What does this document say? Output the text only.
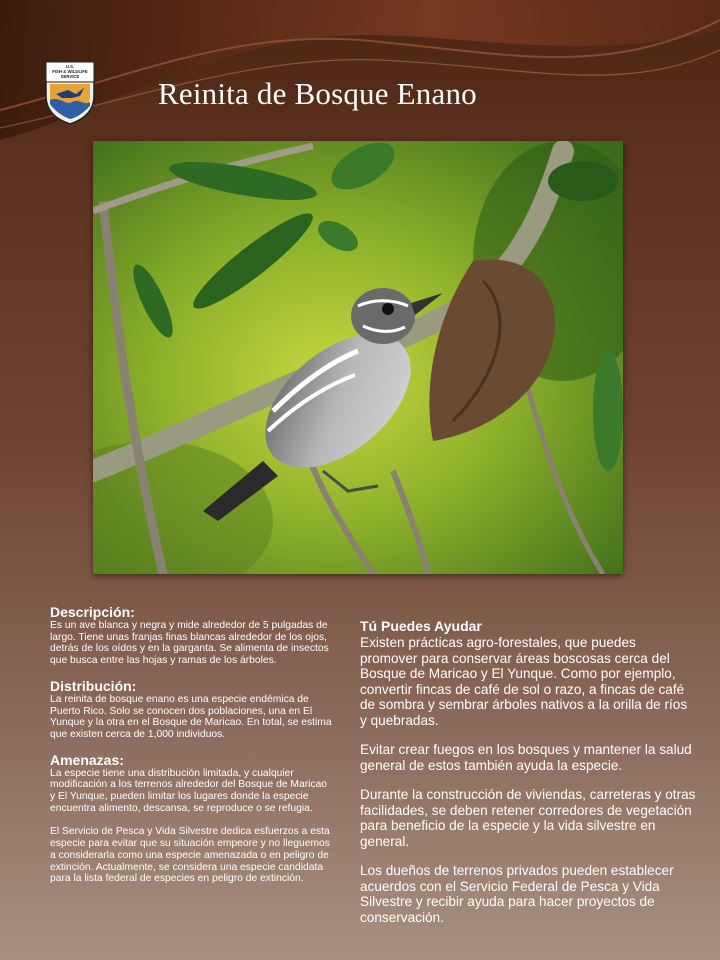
U.S.
FISH & WILDLIFE
SERVICE	Reinita de Bosque Enano
Descripción:

Es un ave blanca y negra y mide alrededor de 5 pulgadas de largo. Tiene unas franjas finas blancas alrededor de los ojos, detrás de los oídos y en la garganta. Se alimenta de insectos que busca entre las hojas y ramas de los árboles.

Distribución:

La reinita de bosque enano es una especie endémica de Puerto Rico. Solo se conocen dos poblaciones, una en El Yunque y la otra en el Bosque de Maricao. En total, se estima que existen cerca de 1,000 individuos.

Amenazas:

La especie tiene una distribución limitada, y cualquier modificación a los terrenos alrededor del Bosque de Maricao y El Yunque, pueden limitar los lugares donde la especie encuentra alimento, descansa, se reproduce o se refugia.

El Servicio de Pesca y Vida Silvestre dedica esfuerzos a esta especie para evitar que su situación empeore y no lleguemos a considerarla como una especie amenazada o en peligro de extinción. Actualmente, se considera una especie candidata para la lista federal de especies en peligro de extinción.

Tú Puedes Ayudar

Existen prácticas agro-forestales, que puedes promover para conservar áreas boscosas cerca del Bosque de Maricao y El Yunque. Como por ejemplo, convertir fincas de café de sol o razo, a fincas de café de sombra y sembrar árboles nativos a la orilla de ríos y quebradas.

Evitar crear fuegos en los bosques y mantener la salud general de estos también ayuda la especie.

Durante la construcción de viviendas, carreteras y otras facilidades, se deben retener corredores de vegetación para beneficio de la especie y la vida silvestre en general.

Los dueños de terrenos privados pueden establecer acuerdos con el Servicio Federal de Pesca y Vida Silvestre y recibir ayuda para hacer proyectos de conservación.
